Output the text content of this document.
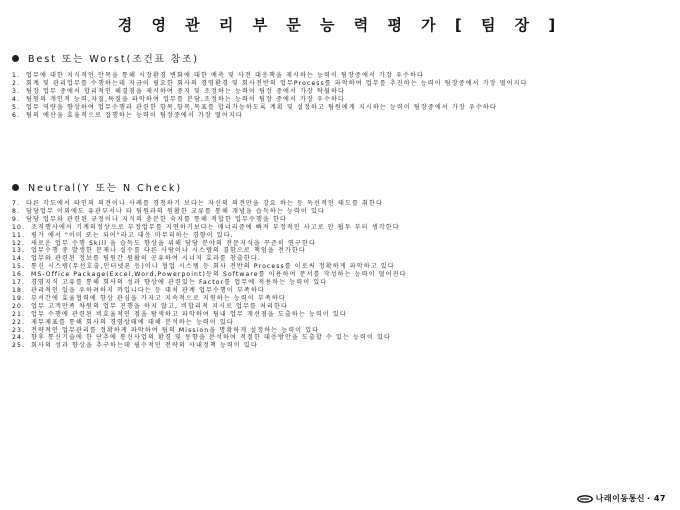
경 영 관 리 부 문 능 력 평 가 [ 팀 장 ]
Best 또는 Worst(조건표 참조)
1. 업무에 대한 지식적인 안목을 통해 시장환경 변화에 대한 예측 및 사전 대응책을 제시하는 능력이 팀장중에서 가장 우수하다
2. 회계 및 관리업무를 수행하는데 자금이 필요한 회사의 경영환경 및 회사전반의 업무Process를 파악하여 업무를 추진하는 능력이 팀장중에서 가장 떨어지다
3. 팀장 업무 중에서 합리적인 해결점을 제시하여 중지 및 조정하는 능력이 팀장 중에서 가장 탁월하다
4. 팀원의 개인적 능력,자질,특질을 파악하여 업무를 분담,조정하는 능력이 팀장 중에서 가장 우수하다
5. 업무 역량을 향상하여 업무수행과 관련한 항목,항목,목표를 합리가능하도록 계획 및 설정하고 팀원에게 지시하는 능력이 팀장중에서 가장 우수하다
6. 팀의 예산을 효율적으로 집행하는 능력이 팀장중에서 가장 떨어지다
Neutral(Y 또는 N Check)
7. 다른 각도에서 타인의 의견이나 사례를 경청하기 보다는 자신의 의견만을 강요 하는 등 독선적인 태도를 취한다
8. 담당업무 이외에도 유관부서나 타 팀원과의 원활한 교류를 통해 개념을 습득하는 능력이 있다
9. 담당 업무와 관련된 규정이나 지식의 충분한 숙지를 통해 적합한 업무수행을 한다
10. 조직행사에서 기계의정상으로 부정업무를 지연하기보다는 매너리즘에 빠져 부정적인 사고로 안 됩투 부터 생각한다
11. 평가 에서 "이미 또는 되어"라고 대응 마무리하는 경향이 있다.
12. 새로운 업무 수행 Skill 을 습득도 향상을 위해 담당 분야의 전문지식을 꾸준히 연구한다
13. 업무수행 중 발생한 문제나 실수를 다른 사람이나 시스템의 결함으로 책임을 전가한다
14. 업무와 관련된 정보를 팀원간 원활히 공유하여 시너지 효과를 창출한다.
15. 통신 시스템(무선호출,인터넷폰 등)이나 협업 시스템 등 회사 전반의 Process를 이로써 정확하게 파악하고 있다
16. MS-Office Package(Excel,Word,Powerpoint)등의 Software를 이용하여 문서를 작성하는 능력이 떨어진다
17. 경영지식 고유를 통해 회사의 성과 향상에 관련있는 Factor를 업무에 적용하는 능력이 있다
18. 관리적인 일을 우하려하지 까입니다는 등 대처 관계 업무수행이 부족하다
19. 부서간에 효율협력에 항상 관심을 가지고 지속적으로 지원하는 능력이 부족하다
20. 업무 고객만족 차원의 업무 진행을 하지 않고, 비합리적 지시로 업무를 처리한다
21. 업무 수행에 관련된 비효율적인 점을 탐색하고 파악하여 팀내 업무 개선점을 도출하는 능력이 있다
22. 재무제표를 통해 회사의 경영상태에 대해 분석하는 능력이 있다
23. 전략적인 업무관리를 정확하게 파악하여 팀의 Mission을 명확하게 설정하는 능력이 있다
24. 향후 통신기술에 한 단추에 통신사업의 환경 및 동향을 분석하여 적절한 대응방안을 도출할 수 있는 능력이 있다
25. 회사의 성과 향상을 추구하는데 필수적인 전략의 사내정책 능력이 있다
나래이동통신 · 47
